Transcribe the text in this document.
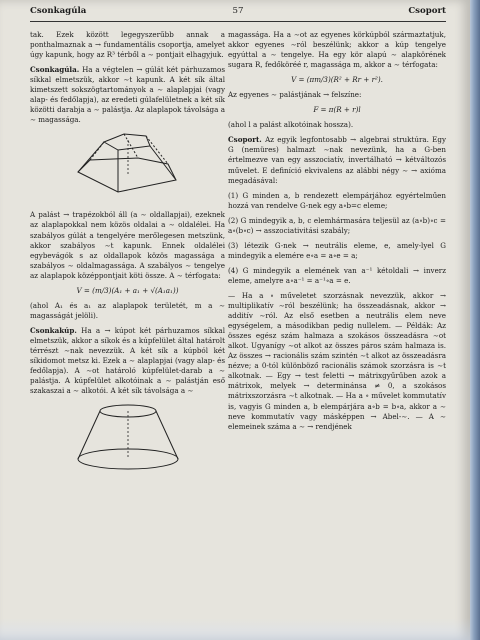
Csonkagúla	57	Csoport

tak. Ezek között legegyszerűbb annak a ponthalmaznak a → fundamentális csoportja, amelyet úgy kapunk, hogy az R³ térből a ∼ pontjait elhagyjuk.

Csonkagúla. Ha a végtelen → gúlát két párhuzamos síkkal elmetszük, akkor ∼t kapunk. A két sík által kimetszett sokszögtartományok a ∼ alaplapjai (vagy alap- és fedőlapja), az eredeti gúlafelületnek a két sík közötti darabja a ∼ palástja. Az alaplapok távolsága a ∼ magassága.

A palást → trapézokból áll (a ∼ oldallapjai), ezeknek az alaplapokkal nem közös oldalai a ∼ oldalélei. Ha szabályos gúlát a tengelyére merőlegesen metszünk, akkor szabályos ∼t kapunk. Ennek oldalélei egybevágók s az oldallapok közös magassága a szabályos ∼ oldalmagassága. A szabályos ∼ tengelye az alaplapok középpontjait köti össze. A ∼ térfogata:

V = (m/3)(A₁ + a₁ + √(A₁a₁))

(ahol A₁ és a₁ az alaplapok területét, m a ∼ magasságát jelöli).

Csonkakúp. Ha a → kúpot két párhuzamos síkkal elmetszük, akkor a síkok és a kúpfelület által határolt térrészt ∼nak nevezzük. A két sík a kúpból két síkidomot metsz ki. Ezek a ∼ alaplapjai (vagy alap- és fedőlapja). A ∼ot határoló kúpfelület-darab a ∼ palástja. A kúpfelület alkotóinak a ∼ palástján eső szakaszai a ∼ alkotói. A két sík távolsága a ∼

magassága. Ha a ∼ot az egyenes körkúpból származtatjuk, akkor egyenes ∼ról beszélünk; akkor a kúp tengelye egyúttal a ∼ tengelye. Ha egy kör alapú ∼ alapkörének sugara R, fedőköréé r, magassága m, akkor a ∼ térfogata:

V = (πm/3)(R² + Rr + r²).

Az egyenes ∼ palástjának → felszíne:

F = π(R + r)l

(ahol l a palást alkotóinak hossza).

Csoport. Az egyik legfontosabb → algebrai struktúra. Egy G (nemüres) halmazt ∼nak nevezünk, ha a G-ben értelmezve van egy asszociatív, invertálható → kétváltozós művelet. E definíció ekvivalens az alábbi négy ∼ → axióma megadásával:

(1) G minden a, b rendezett elempárjához egyértelműen hozzá van rendelve G-nek egy a∘b=c eleme;

(2) G mindegyik a, b, c elemhármasára teljesül az (a∘b)∘c = a∘(b∘c) → asszociativitási szabály;

(3) létezik G-nek → neutrális eleme, e, amely-lyel G mindegyik a elemére e∘a = a∘e = a;

(4) G mindegyik a elemének van a⁻¹ kétoldali → inverz eleme, amelyre a∘a⁻¹ = a⁻¹∘a = e.

— Ha a ∘ műveletet szorzásnak nevezzük, akkor → multiplikatív ∼ról beszélünk; ha összeadásnak, akkor → additív ∼ról. Az első esetben a neutrális elem neve egységelem, a másodikban pedig nullelem. — Példák: Az összes egész szám halmaza a szokásos összeadásra ∼ot alkot. Ugyanígy ∼ot alkot az összes páros szám halmaza is. Az összes → racionális szám szintén ∼t alkot az összeadásra nézve; a 0-tól különböző racionális számok szorzásra is ∼t alkotnak. — Egy → test feletti → mátrixgyűrűben azok a mátrixok, melyek → determinánsa ≠ 0, a szokásos mátrixszorzásra ∼t alkotnak. — Ha a ∘ művelet kommutatív is, vagyis G minden a, b elempárjára a∘b = b∘a, akkor a ∼ neve kommutatív vagy másképpen → Abel-∼. — A ∼ elemeinek száma a ∼ → rendjének
